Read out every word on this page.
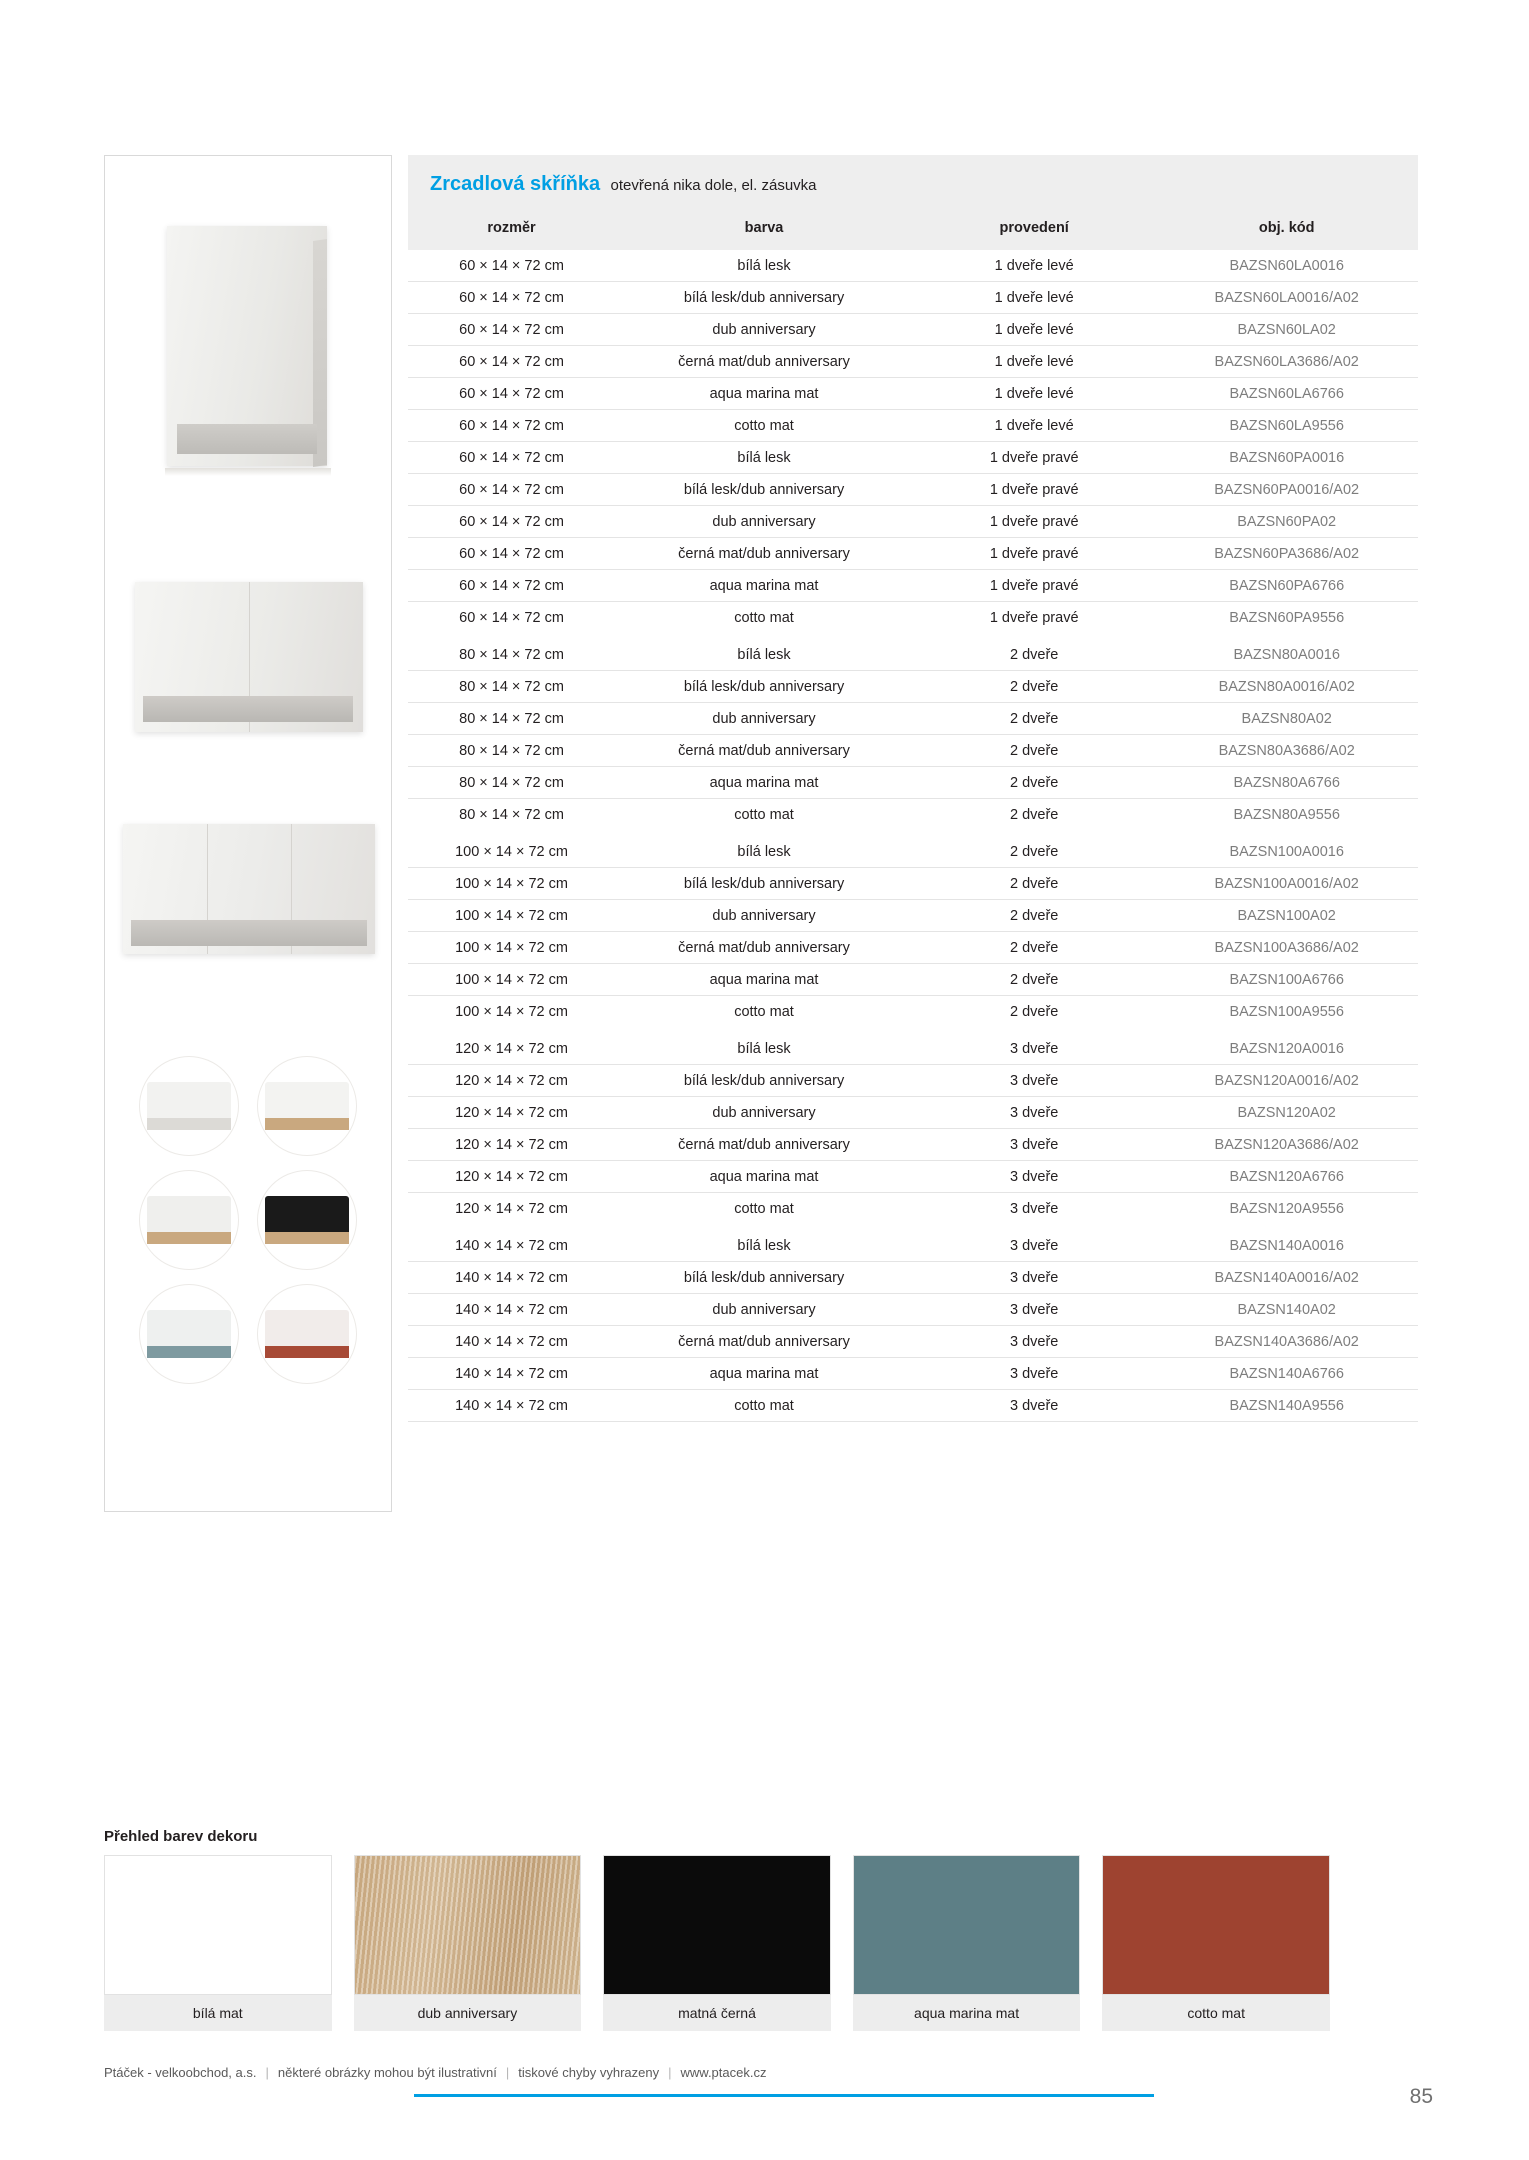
Zrcadlová skříňka otevřená nika dole, el. zásuvka
rozměr	barva	provedení	obj. kód
60 × 14 × 72 cm	bílá lesk	1 dveře levé	BAZSN60LA0016
60 × 14 × 72 cm	bílá lesk/dub anniversary	1 dveře levé	BAZSN60LA0016/A02
60 × 14 × 72 cm	dub anniversary	1 dveře levé	BAZSN60LA02
60 × 14 × 72 cm	černá mat/dub anniversary	1 dveře levé	BAZSN60LA3686/A02
60 × 14 × 72 cm	aqua marina mat	1 dveře levé	BAZSN60LA6766
60 × 14 × 72 cm	cotto mat	1 dveře levé	BAZSN60LA9556
60 × 14 × 72 cm	bílá lesk	1 dveře pravé	BAZSN60PA0016
60 × 14 × 72 cm	bílá lesk/dub anniversary	1 dveře pravé	BAZSN60PA0016/A02
60 × 14 × 72 cm	dub anniversary	1 dveře pravé	BAZSN60PA02
60 × 14 × 72 cm	černá mat/dub anniversary	1 dveře pravé	BAZSN60PA3686/A02
60 × 14 × 72 cm	aqua marina mat	1 dveře pravé	BAZSN60PA6766
60 × 14 × 72 cm	cotto mat	1 dveře pravé	BAZSN60PA9556
80 × 14 × 72 cm	bílá lesk	2 dveře	BAZSN80A0016
80 × 14 × 72 cm	bílá lesk/dub anniversary	2 dveře	BAZSN80A0016/A02
80 × 14 × 72 cm	dub anniversary	2 dveře	BAZSN80A02
80 × 14 × 72 cm	černá mat/dub anniversary	2 dveře	BAZSN80A3686/A02
80 × 14 × 72 cm	aqua marina mat	2 dveře	BAZSN80A6766
80 × 14 × 72 cm	cotto mat	2 dveře	BAZSN80A9556
100 × 14 × 72 cm	bílá lesk	2 dveře	BAZSN100A0016
100 × 14 × 72 cm	bílá lesk/dub anniversary	2 dveře	BAZSN100A0016/A02
100 × 14 × 72 cm	dub anniversary	2 dveře	BAZSN100A02
100 × 14 × 72 cm	černá mat/dub anniversary	2 dveře	BAZSN100A3686/A02
100 × 14 × 72 cm	aqua marina mat	2 dveře	BAZSN100A6766
100 × 14 × 72 cm	cotto mat	2 dveře	BAZSN100A9556
120 × 14 × 72 cm	bílá lesk	3 dveře	BAZSN120A0016
120 × 14 × 72 cm	bílá lesk/dub anniversary	3 dveře	BAZSN120A0016/A02
120 × 14 × 72 cm	dub anniversary	3 dveře	BAZSN120A02
120 × 14 × 72 cm	černá mat/dub anniversary	3 dveře	BAZSN120A3686/A02
120 × 14 × 72 cm	aqua marina mat	3 dveře	BAZSN120A6766
120 × 14 × 72 cm	cotto mat	3 dveře	BAZSN120A9556
140 × 14 × 72 cm	bílá lesk	3 dveře	BAZSN140A0016
140 × 14 × 72 cm	bílá lesk/dub anniversary	3 dveře	BAZSN140A0016/A02
140 × 14 × 72 cm	dub anniversary	3 dveře	BAZSN140A02
140 × 14 × 72 cm	černá mat/dub anniversary	3 dveře	BAZSN140A3686/A02
140 × 14 × 72 cm	aqua marina mat	3 dveře	BAZSN140A6766
140 × 14 × 72 cm	cotto mat	3 dveře	BAZSN140A9556
Přehled barev dekoru
bílá mat	dub anniversary	matná černá	aqua marina mat	cotto mat
Ptáček - velkoobchod, a.s. | některé obrázky mohou být ilustrativní | tiskové chyby vyhrazeny | www.ptacek.cz
85
